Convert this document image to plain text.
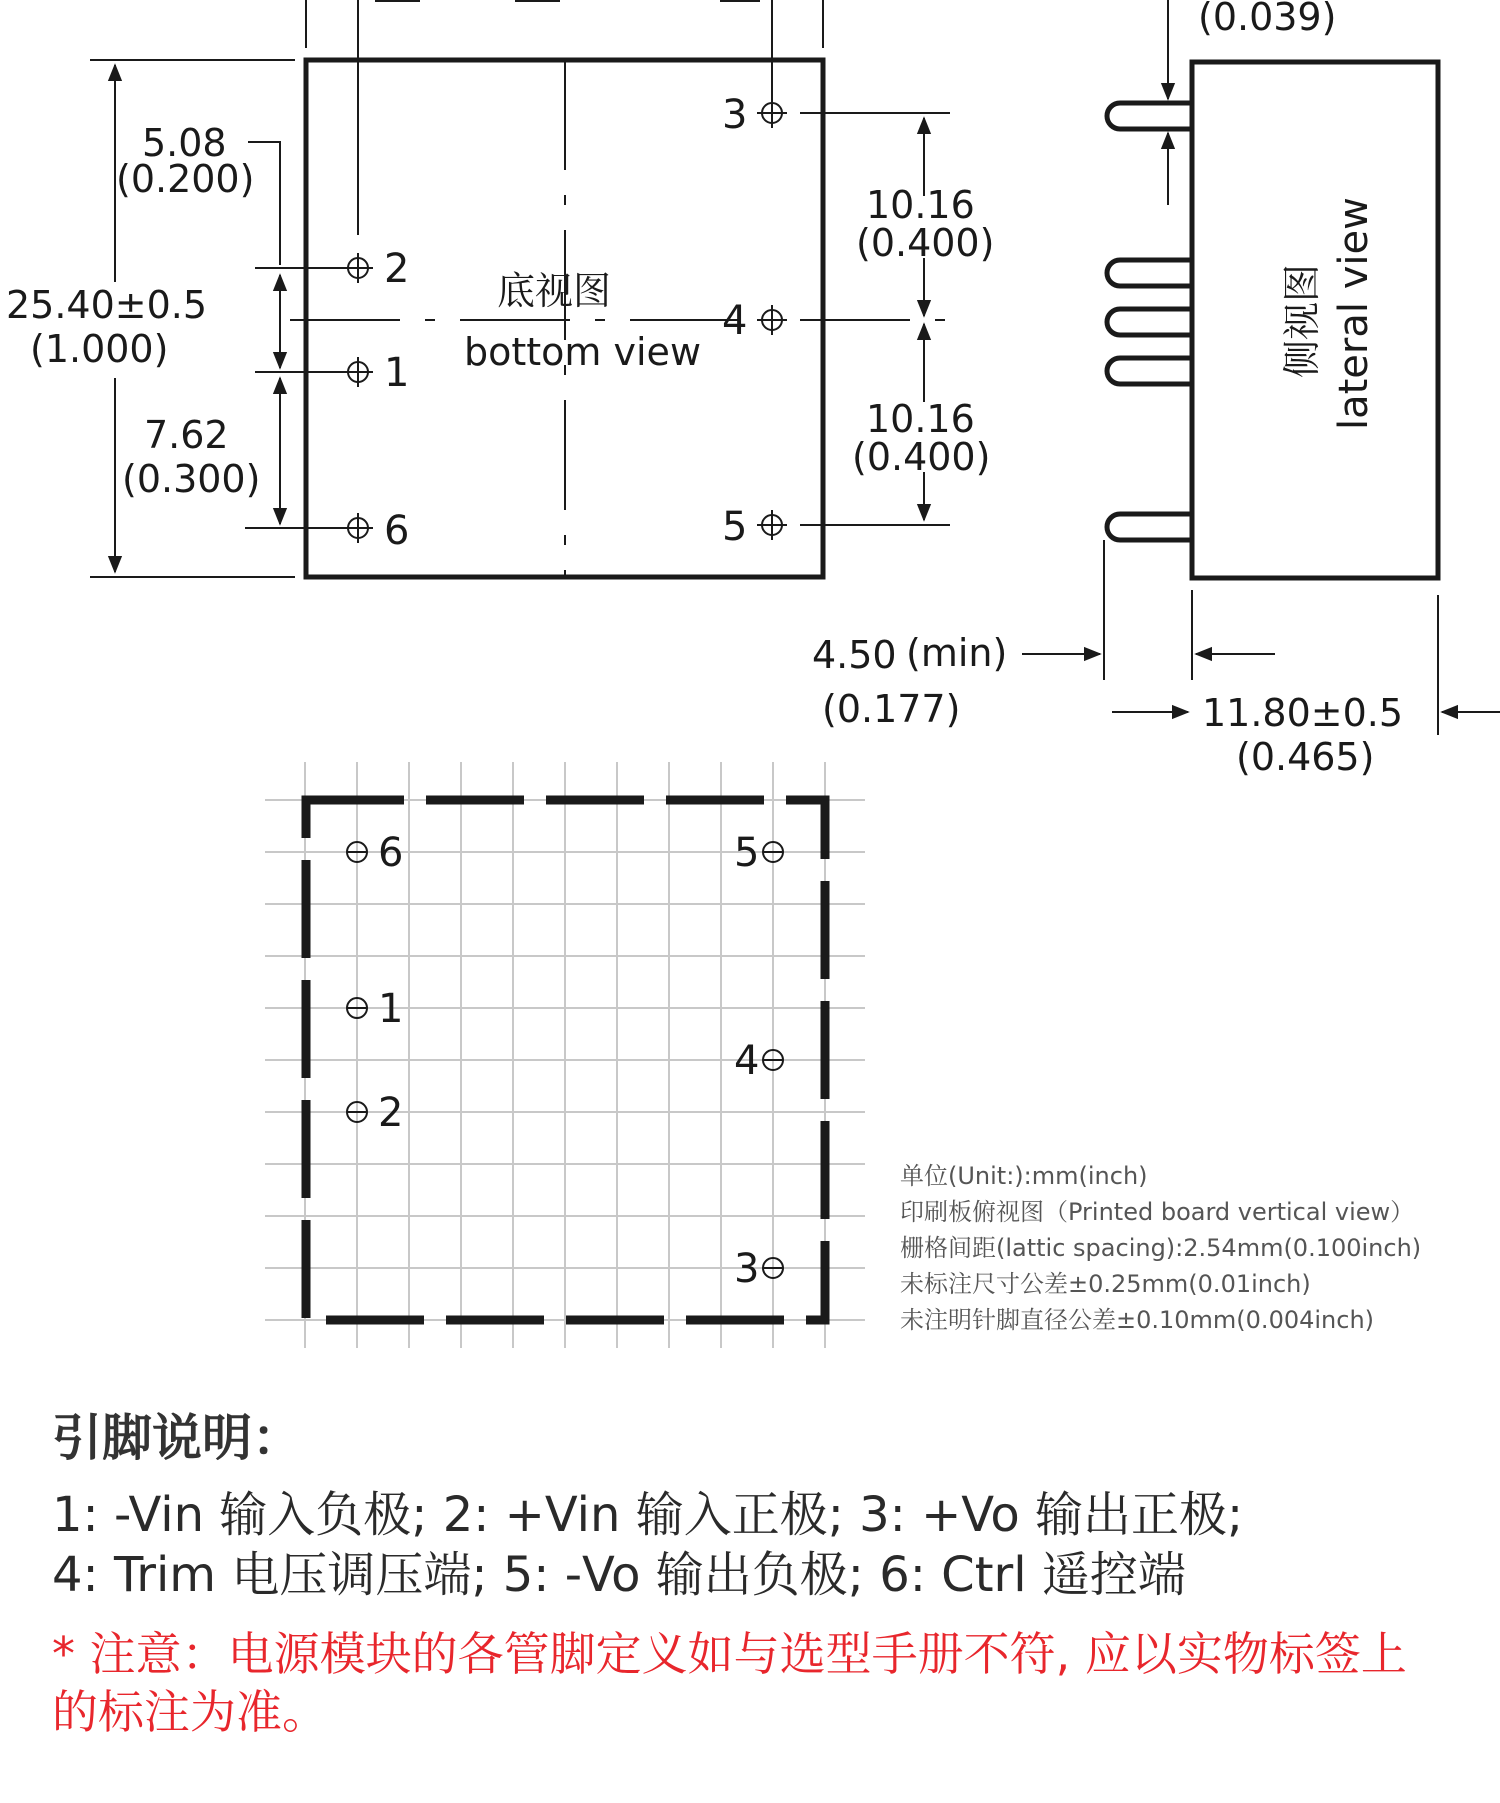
2
1
6
3
4
5
底视图
bottom view
5.08
(0.200)
25.40±0.5
(1.000)
7.62
(0.300)
10.16
(0.400)
10.16
(0.400)
(0.039)
侧视图 lateral view
4.50 (min)
(0.177)	11.80±0.5
(0.465)
6
1
2
5
4
3
单位(Unit:):mm(inch)
印刷板俯视图（Printed board vertical view）
栅格间距(lattic spacing):2.54mm(0.100inch)
未标注尺寸公差±0.25mm(0.01inch)
未注明针脚直径公差±0.10mm(0.004inch)
引脚说明：
1: -Vin 输入负极; 2: +Vin 输入正极; 3: +Vo 输出正极;
4: Trim 电压调压端; 5: -Vo 输出负极; 6: Ctrl 遥控端
* 注意：电源模块的各管脚定义如与选型手册不符, 应以实物标签上的标注为准。
